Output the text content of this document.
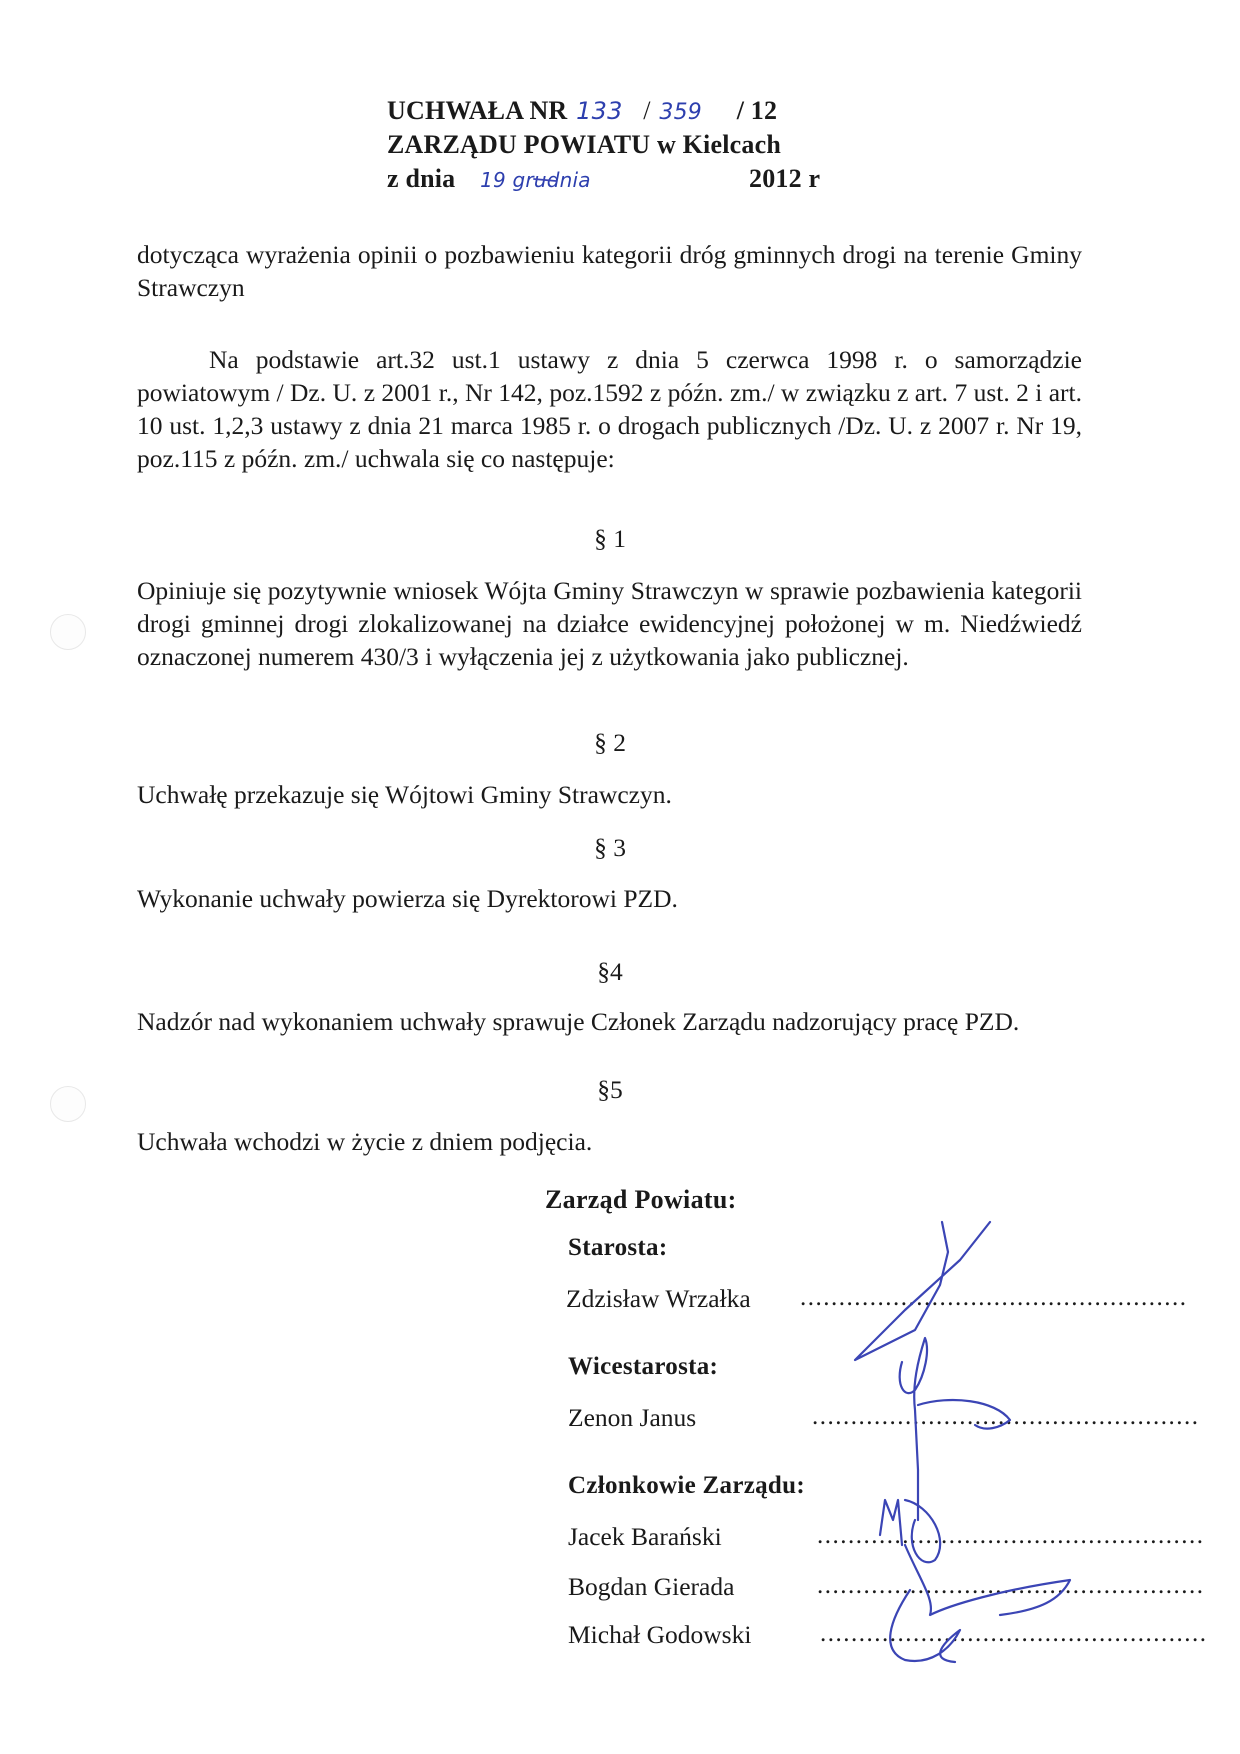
UCHWAŁA NR 133 / 359 / 12
ZARZĄDU POWIATU w Kielcach
z dnia 19 grudnia	2012 r
dotycząca wyrażenia opinii o pozbawieniu kategorii dróg gminnych drogi na terenie Gminy Strawczyn
Na podstawie art.32 ust.1 ustawy z dnia 5 czerwca 1998 r. o samorządzie powiatowym / Dz. U. z 2001 r., Nr 142, poz.1592 z późn. zm./ w związku z art. 7 ust. 2 i art. 10 ust. 1,2,3 ustawy z dnia 21 marca 1985 r. o drogach publicznych /Dz. U. z 2007 r. Nr 19, poz.115 z późn. zm./ uchwala się co następuje:
§ 1
Opiniuje się pozytywnie wniosek Wójta Gminy Strawczyn w sprawie pozbawienia kategorii drogi gminnej drogi zlokalizowanej na działce ewidencyjnej położonej w m. Niedźwiedź oznaczonej numerem 430/3 i wyłączenia jej z użytkowania jako publicznej.
§ 2
Uchwałę przekazuje się Wójtowi Gminy Strawczyn.
§ 3
Wykonanie uchwały powierza się Dyrektorowi PZD.
§4
Nadzór nad wykonaniem uchwały sprawuje Członek Zarządu nadzorujący pracę PZD.
§5
Uchwała wchodzi w życie z dniem podjęcia.
Zarząd Powiatu:
Starosta:
Zdzisław Wrzałka ..................................................
Wicestarosta:
Zenon Janus	..................................................
Członkowie Zarządu:
Jacek Barański	..................................................
Bogdan Gierada	..................................................
Michał Godowski	..................................................
